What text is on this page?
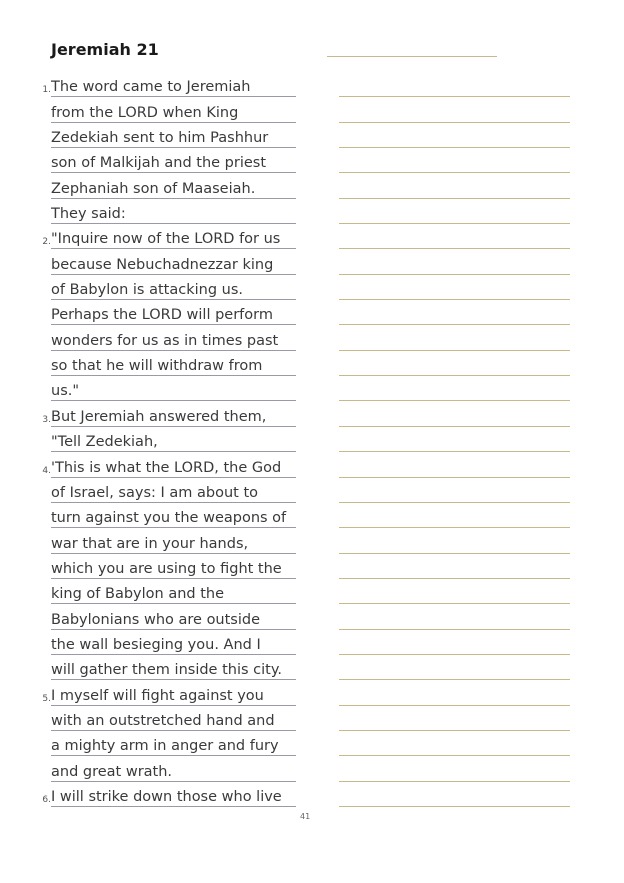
Jeremiah 21
1. The word came to Jeremiah
from the LORD when King
Zedekiah sent to him Pashhur
son of Malkijah and the priest
Zephaniah son of Maaseiah.
They said:
2. "Inquire now of the LORD for us
because Nebuchadnezzar king
of Babylon is attacking us.
Perhaps the LORD will perform
wonders for us as in times past
so that he will withdraw from
us."
3. But Jeremiah answered them,
"Tell Zedekiah,
4. 'This is what the LORD, the God
of Israel, says: I am about to
turn against you the weapons of
war that are in your hands,
which you are using to fight the
king of Babylon and the
Babylonians who are outside
the wall besieging you. And I
will gather them inside this city.
5. I myself will fight against you
with an outstretched hand and
a mighty arm in anger and fury
and great wrath.
6. I will strike down those who live
41
